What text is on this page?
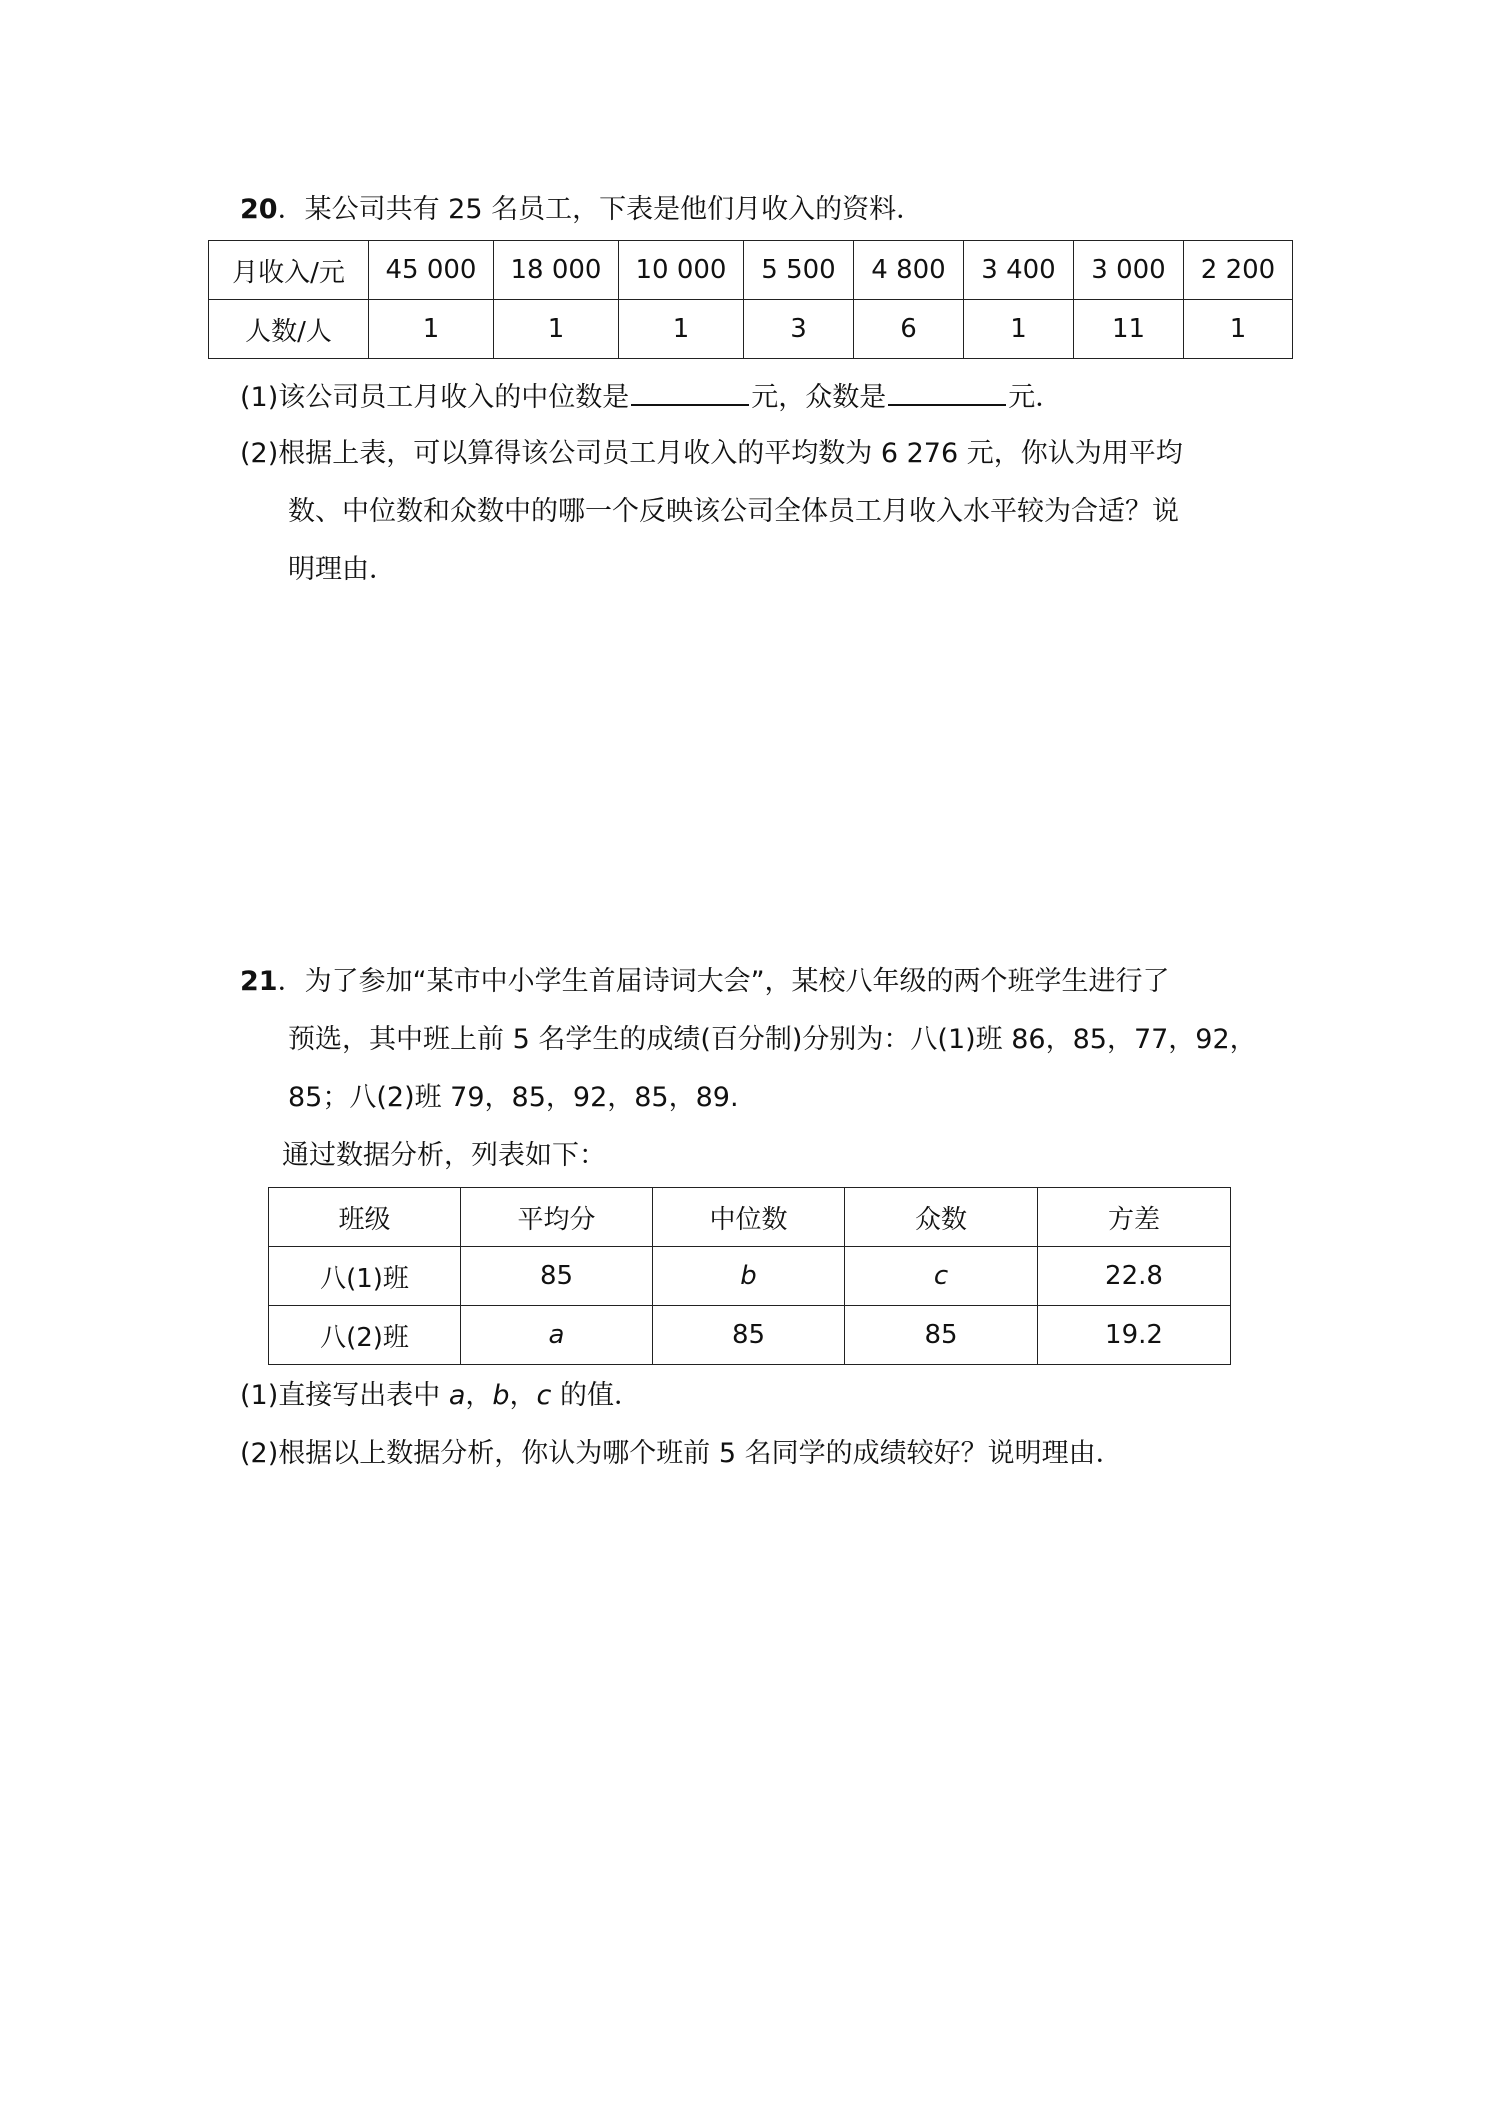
20．某公司共有 25 名员工，下表是他们月收入的资料．
月收入/元	45 000	18 000	10 000	5 500	4 800	3 400	3 000	2 200
人数/人	1	1	1	3	6	1	11	1
(1)该公司员工月收入的中位数是	元，众数是	元．
(2)根据上表，可以算得该公司员工月收入的平均数为 6 276 元，你认为用平均
数、中位数和众数中的哪一个反映该公司全体员工月收入水平较为合适？说
明理由．
21．为了参加“某市中小学生首届诗词大会”，某校八年级的两个班学生进行了
预选，其中班上前 5 名学生的成绩(百分制)分别为：八(1)班 86，85，77，92，
85；八(2)班 79，85，92，85，89.
通过数据分析，列表如下：
班级	平均分	中位数	众数	方差
八(1)班	85	b	c	22.8
八(2)班	a	85	85	19.2
(1)直接写出表中 a，b，c 的值．
(2)根据以上数据分析，你认为哪个班前 5 名同学的成绩较好？说明理由．
